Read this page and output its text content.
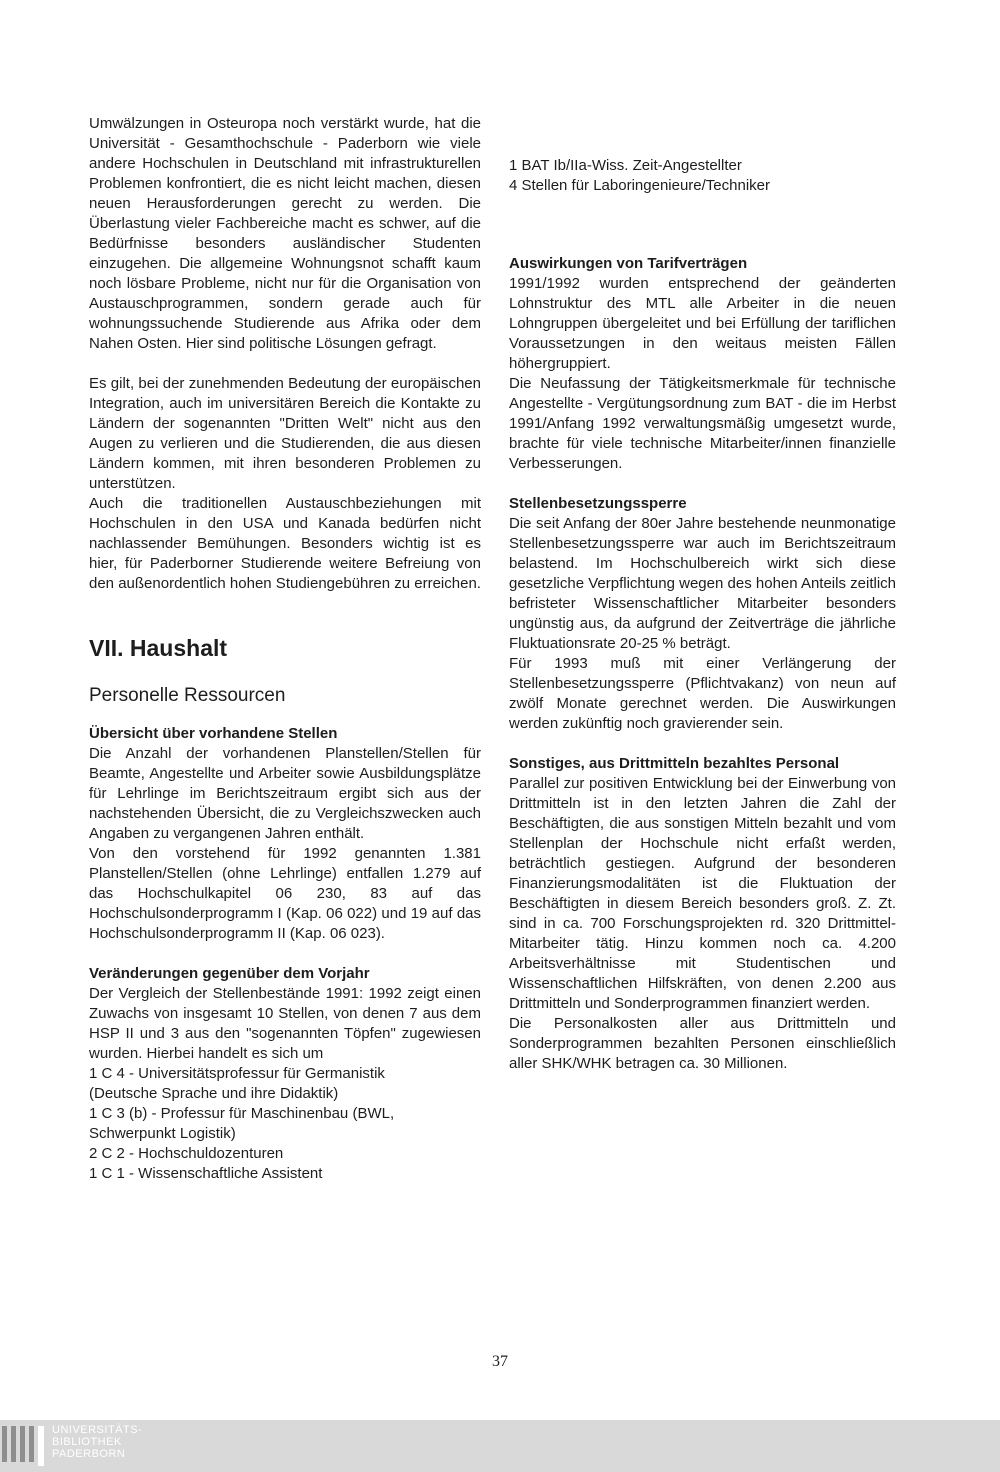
Umwälzungen in Osteuropa noch verstärkt wurde, hat die Universität - Gesamthochschule - Paderborn wie viele andere Hochschulen in Deutschland mit infrastrukturellen Problemen konfrontiert, die es nicht leicht machen, diesen neuen Herausforderungen gerecht zu werden. Die Überlastung vieler Fachbereiche macht es schwer, auf die Bedürfnisse besonders ausländischer Studenten einzugehen. Die allgemeine Wohnungsnot schafft kaum noch lösbare Probleme, nicht nur für die Organisation von Austauschprogrammen, sondern gerade auch für wohnungssuchende Studierende aus Afrika oder dem Nahen Osten. Hier sind politische Lösungen gefragt.

Es gilt, bei der zunehmenden Bedeutung der europäischen Integration, auch im universitären Bereich die Kontakte zu Ländern der sogenannten "Dritten Welt" nicht aus den Augen zu verlieren und die Studierenden, die aus diesen Ländern kommen, mit ihren besonderen Problemen zu unterstützen.

Auch die traditionellen Austauschbeziehungen mit Hochschulen in den USA und Kanada bedürfen nicht nachlassender Bemühungen. Besonders wichtig ist es hier, für Paderborner Studierende weitere Befreiung von den außenordentlich hohen Studiengebühren zu erreichen.

VII. Haushalt
Personelle Ressourcen

Übersicht über vorhandene Stellen

Die Anzahl der vorhandenen Planstellen/Stellen für Beamte, Angestellte und Arbeiter sowie Ausbildungsplätze für Lehrlinge im Berichtszeitraum ergibt sich aus der nachstehenden Übersicht, die zu Vergleichszwecken auch Angaben zu vergangenen Jahren enthält.

Von den vorstehend für 1992 genannten 1.381 Planstellen/Stellen (ohne Lehrlinge) entfallen 1.279 auf das Hochschulkapitel 06 230, 83 auf das Hochschulsonderprogramm I (Kap. 06 022) und 19 auf das Hochschulsonderprogramm II (Kap. 06 023).

Veränderungen gegenüber dem Vorjahr

Der Vergleich der Stellenbestände 1991: 1992 zeigt einen Zuwachs von insgesamt 10 Stellen, von denen 7 aus dem HSP II und 3 aus den "sogenannten Töpfen" zugewiesen wurden. Hierbei handelt es sich um

1 C 4 - Universitätsprofessur für Germanistik

(Deutsche Sprache und ihre Didaktik)

1 C 3 (b) - Professur für Maschinenbau (BWL,

Schwerpunkt Logistik)

2 C 2 - Hochschuldozenturen

1 C 1 - Wissenschaftliche Assistent

1 BAT Ib/IIa-Wiss. Zeit-Angestellter

4 Stellen für Laboringenieure/Techniker

Auswirkungen von Tarifverträgen

1991/1992 wurden entsprechend der geänderten Lohnstruktur des MTL alle Arbeiter in die neuen Lohngruppen übergeleitet und bei Erfüllung der tariflichen Voraussetzungen in den weitaus meisten Fällen höhergruppiert.

Die Neufassung der Tätigkeitsmerkmale für technische Angestellte - Vergütungsordnung zum BAT - die im Herbst 1991/Anfang 1992 verwaltungsmäßig umgesetzt wurde, brachte für viele technische Mitarbeiter/innen finanzielle Verbesserungen.

Stellenbesetzungssperre

Die seit Anfang der 80er Jahre bestehende neunmonatige Stellenbesetzungssperre war auch im Berichtszeitraum belastend. Im Hochschulbereich wirkt sich diese gesetzliche Verpflichtung wegen des hohen Anteils zeitlich befristeter Wissenschaftlicher Mitarbeiter besonders ungünstig aus, da aufgrund der Zeitverträge die jährliche Fluktuationsrate 20-25 % beträgt.

Für 1993 muß mit einer Verlängerung der Stellenbesetzungssperre (Pflichtvakanz) von neun auf zwölf Monate gerechnet werden. Die Auswirkungen werden zukünftig noch gravierender sein.

Sonstiges, aus Drittmitteln bezahltes Personal

Parallel zur positiven Entwicklung bei der Einwerbung von Drittmitteln ist in den letzten Jahren die Zahl der Beschäftigten, die aus sonstigen Mitteln bezahlt und vom Stellenplan der Hochschule nicht erfaßt werden, beträchtlich gestiegen. Aufgrund der besonderen Finanzierungsmodalitäten ist die Fluktuation der Beschäftigten in diesem Bereich besonders groß. Z. Zt. sind in ca. 700 Forschungsprojekten rd. 320 Drittmittel-Mitarbeiter tätig. Hinzu kommen noch ca. 4.200 Arbeitsverhältnisse mit Studentischen und Wissenschaftlichen Hilfskräften, von denen 2.200 aus Drittmitteln und Sonderprogrammen finanziert werden.

Die Personalkosten aller aus Drittmitteln und Sonderprogrammen bezahlten Personen einschließlich aller SHK/WHK betragen ca. 30 Millionen.

37
UNIVERSITÄTS-
BIBLIOTHEK
PADERBORN
